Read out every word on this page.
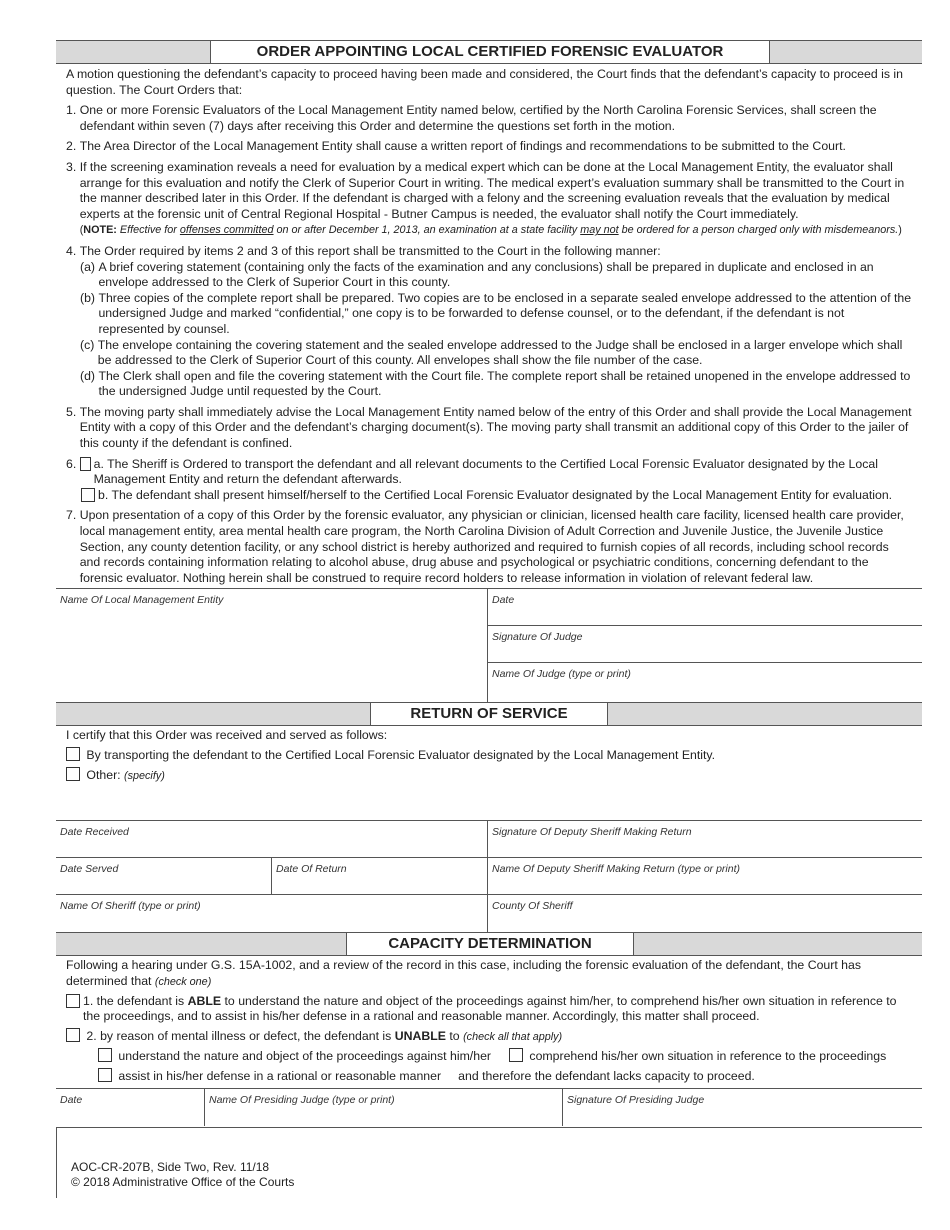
ORDER APPOINTING LOCAL CERTIFIED FORENSIC EVALUATOR
A motion questioning the defendant’s capacity to proceed having been made and considered, the Court finds that the defendant’s capacity to proceed is in question. The Court Orders that:
1.
One or more Forensic Evaluators of the Local Management Entity named below, certified by the North Carolina Forensic Services, shall screen the defendant within seven (7) days after receiving this Order and determine the questions set forth in the motion.
2.
The Area Director of the Local Management Entity shall cause a written report of findings and recommendations to be submitted to the Court.
3.
If the screening examination reveals a need for evaluation by a medical expert which can be done at the Local Management Entity, the evaluator shall arrange for this evaluation and notify the Clerk of Superior Court in writing. The medical expert’s evaluation summary shall be transmitted to the Court in the manner described later in this Order. If the defendant is charged with a felony and the screening evaluation reveals that the evaluation by medical experts at the forensic unit of Central Regional Hospital - Butner Campus is needed, the evaluator shall notify the Court immediately.
(NOTE: Effective for offenses committed on or after December 1, 2013, an examination at a state facility may not be ordered for a person charged only with misdemeanors.)
4.
The Order required by items 2 and 3 of this report shall be transmitted to the Court in the following manner:
(a)
A brief covering statement (containing only the facts of the examination and any conclusions) shall be prepared in duplicate and enclosed in an envelope addressed to the Clerk of Superior Court in this county.
(b)
Three copies of the complete report shall be prepared. Two copies are to be enclosed in a separate sealed envelope addressed to the attention of the undersigned Judge and marked “confidential,” one copy is to be forwarded to defense counsel, or to the defendant, if the defendant is not represented by counsel.
(c)
The envelope containing the covering statement and the sealed envelope addressed to the Judge shall be enclosed in a larger envelope which shall be addressed to the Clerk of Superior Court of this county. All envelopes shall show the file number of the case.
(d)
The Clerk shall open and file the covering statement with the Court file. The complete report shall be retained unopened in the envelope addressed to the undersigned Judge until requested by the Court.
5.
The moving party shall immediately advise the Local Management Entity named below of the entry of this Order and shall provide the Local Management Entity with a copy of this Order and the defendant’s charging document(s). The moving party shall transmit an additional copy of this Order to the jailer of this county if the defendant is confined.
6.
a. The Sheriff is Ordered to transport the defendant and all relevant documents to the Certified Local Forensic Evaluator designated by the Local Management Entity and return the defendant afterwards.
b. The defendant shall present himself/herself to the Certified Local Forensic Evaluator designated by the Local Management Entity for evaluation.
7.
Upon presentation of a copy of this Order by the forensic evaluator, any physician or clinician, licensed health care facility, licensed health care provider, local management entity, area mental health care program, the North Carolina Division of Adult Correction and Juvenile Justice, the Juvenile Justice Section, any county detention facility, or any school district is hereby authorized and required to furnish copies of all records, including school records and records containing information relating to alcohol abuse, drug abuse and psychological or psychiatric conditions, concerning defendant to the forensic evaluator. Nothing herein shall be construed to require record holders to release information in violation of relevant federal law.
Name Of Local Management Entity	Date
Signature Of Judge
Name Of Judge (type or print)
RETURN OF SERVICE
I certify that this Order was received and served as follows:
By transporting the defendant to the Certified Local Forensic Evaluator designated by the Local Management Entity.
Other: (specify)
Date Received	Signature Of Deputy Sheriff Making Return
Date Served	Date Of Return	Name Of Deputy Sheriff Making Return (type or print)
Name Of Sheriff (type or print)	County Of Sheriff
CAPACITY DETERMINATION
Following a hearing under G.S. 15A-1002, and a review of the record in this case, including the forensic evaluation of the defendant, the Court has determined that (check one)
1. the defendant is ABLE to understand the nature and object of the proceedings against him/her, to comprehend his/her own situation in reference to the proceedings, and to assist in his/her defense in a rational and reasonable manner. Accordingly, this matter shall proceed.
2. by reason of mental illness or defect, the defendant is UNABLE to (check all that apply)
understand the nature and object of the proceedings against him/her	comprehend his/her own situation in reference to the proceedings
assist in his/her defense in a rational or reasonable manner and therefore the defendant lacks capacity to proceed.
Date	Name Of Presiding Judge (type or print)	Signature Of Presiding Judge
AOC-CR-207B, Side Two, Rev. 11/18
© 2018 Administrative Office of the Courts
